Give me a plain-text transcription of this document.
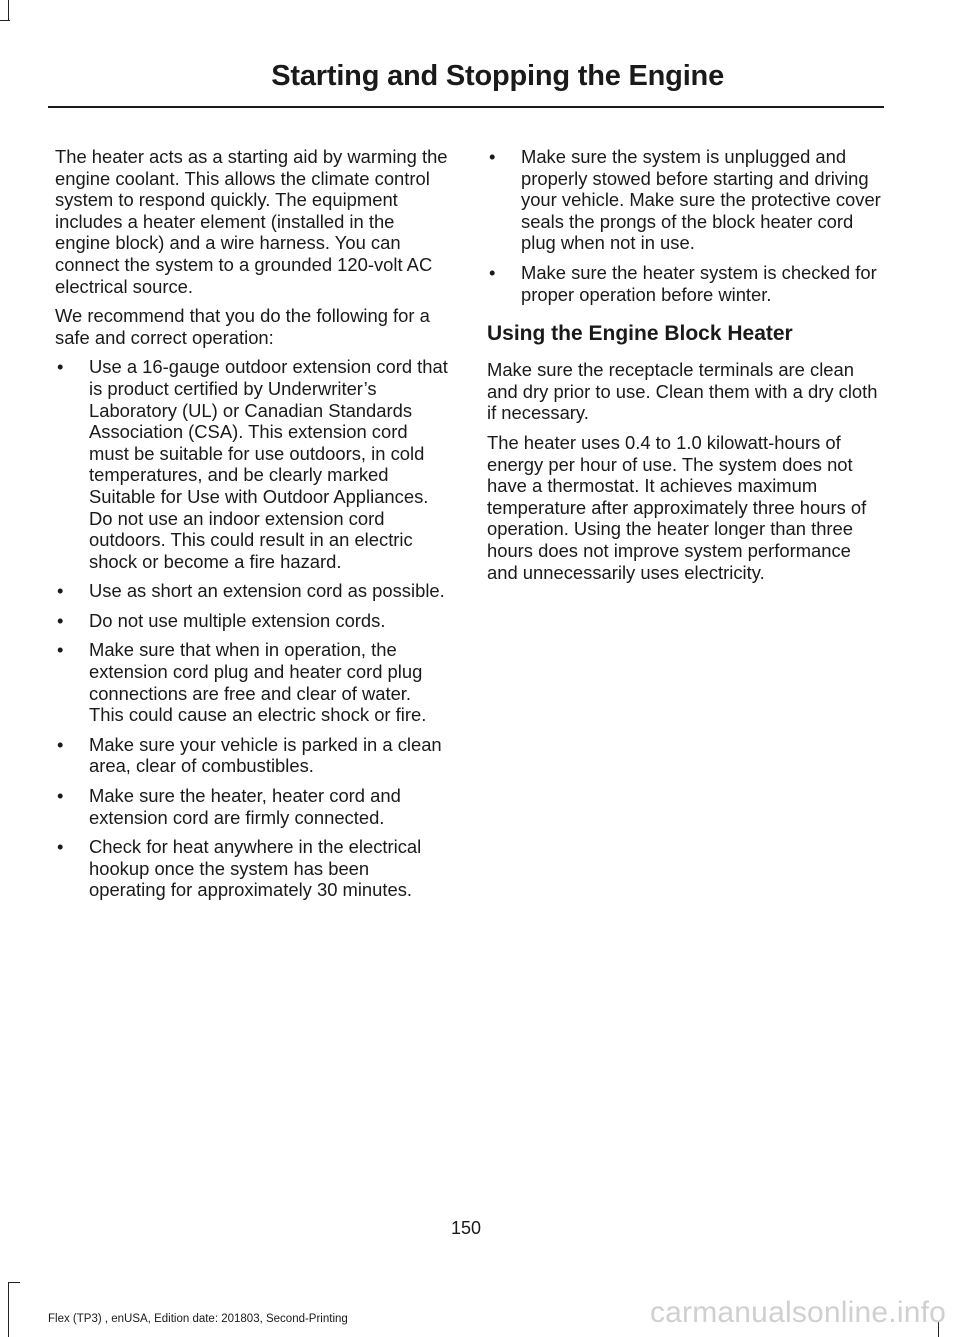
Starting and Stopping the Engine

The heater acts as a starting aid by warming the engine coolant. This allows the climate control system to respond quickly. The equipment includes a heater element (installed in the engine block) and a wire harness. You can connect the system to a grounded 120-volt AC electrical source.

We recommend that you do the following for a safe and correct operation:

• Use a 16-gauge outdoor extension cord that is product certified by Underwriter’s Laboratory (UL) or Canadian Standards Association (CSA). This extension cord must be suitable for use outdoors, in cold temperatures, and be clearly marked Suitable for Use with Outdoor Appliances. Do not use an indoor extension cord outdoors. This could result in an electric shock or become a fire hazard.
• Use as short an extension cord as possible.
• Do not use multiple extension cords.
• Make sure that when in operation, the extension cord plug and heater cord plug connections are free and clear of water. This could cause an electric shock or fire.
• Make sure your vehicle is parked in a clean area, clear of combustibles.
• Make sure the heater, heater cord and extension cord are firmly connected.
• Check for heat anywhere in the electrical hookup once the system has been operating for approximately 30 minutes.
• Make sure the system is unplugged and properly stowed before starting and driving your vehicle. Make sure the protective cover seals the prongs of the block heater cord plug when not in use.
• Make sure the heater system is checked for proper operation before winter.
Using the Engine Block Heater

Make sure the receptacle terminals are clean and dry prior to use. Clean them with a dry cloth if necessary.

The heater uses 0.4 to 1.0 kilowatt-hours of energy per hour of use. The system does not have a thermostat. It achieves maximum temperature after approximately three hours of operation. Using the heater longer than three hours does not improve system performance and unnecessarily uses electricity.

150
Flex (TP3) , enUSA, Edition date: 201803, Second-Printing	carmanualsonline.info
